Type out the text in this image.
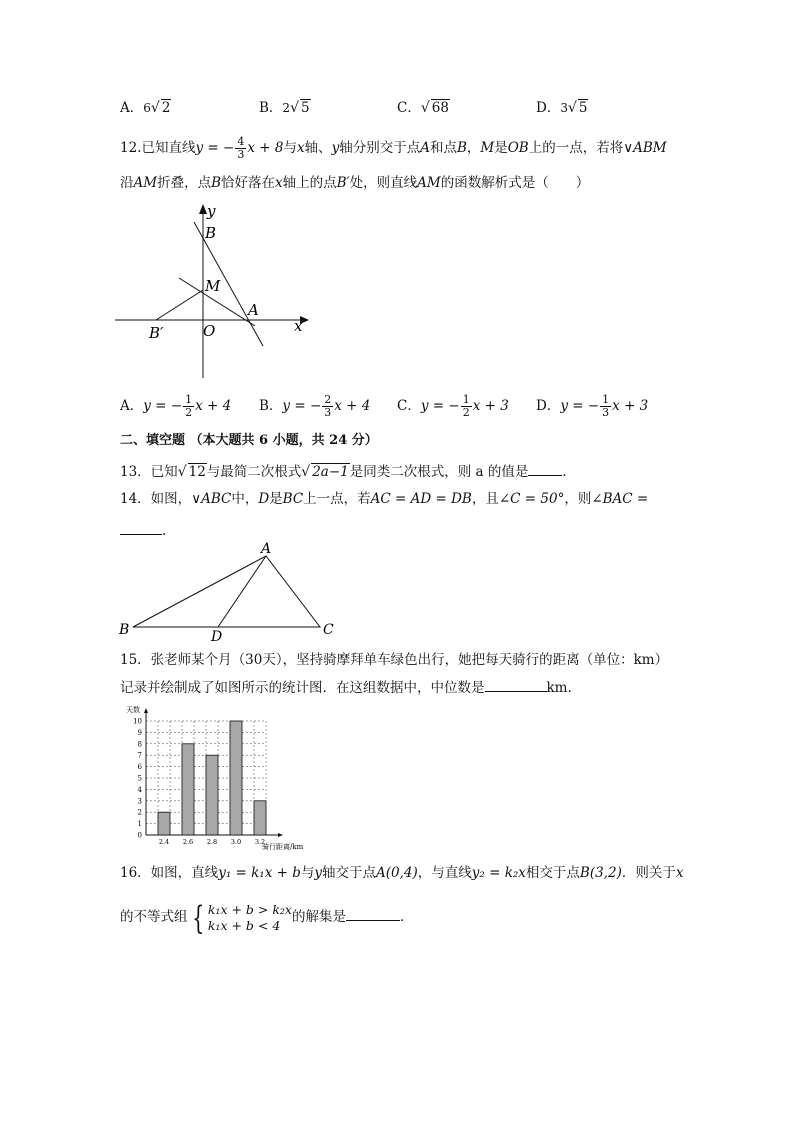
A．6√ 2	B．2√ 5	C．√ 68	D．3√ 5
12.已知直线y = − $\frac{4}{3}$ x + 8与x轴、y轴分别交于点A和点B，M是OB上的一点，若将∨ABM
沿AM折叠，点B恰好落在x轴上的点B′处，则直线AM的函数解析式是（　　）
y
B
M
A
B′	O	x
A．y = − $\frac{1}{2}$ x + 4 B．y = − $\frac{2}{3}$ x + 4 C．y = − $\frac{1}{2}$ x + 3 D．y = − $\frac{1}{3}$ x + 3
二、填空题 （本大题共 6 小题，共 24 分）
13．已知√ 12与最简二次根式√ 2a−1是同类二次根式，则 a 的值是	．
14．如图，∨ABC中，D是BC上一点，若AC = AD = DB，且∠C = 50°，则∠BAC =
．
A
B	C
D
15．张老师某个月（30天），坚持骑摩拜单车绿色出行，她把每天骑行的距离（单位：km）
记录并绘制成了如图所示的统计图．在这组数据中，中位数是	km.
0
1
2
3
4
5
6
7
8
9
10
天数
骑行距离/km
2.4 2.6 2.8 3.0 3.2
16．如图，直线y₁ = k₁x + b与y轴交于点A(0,4)，与直线y₂ = k₂x相交于点B(3,2)．则关于x
的不等式组 { k₁x + b > k₂x
k₁x + b < 4 的解集是	．
